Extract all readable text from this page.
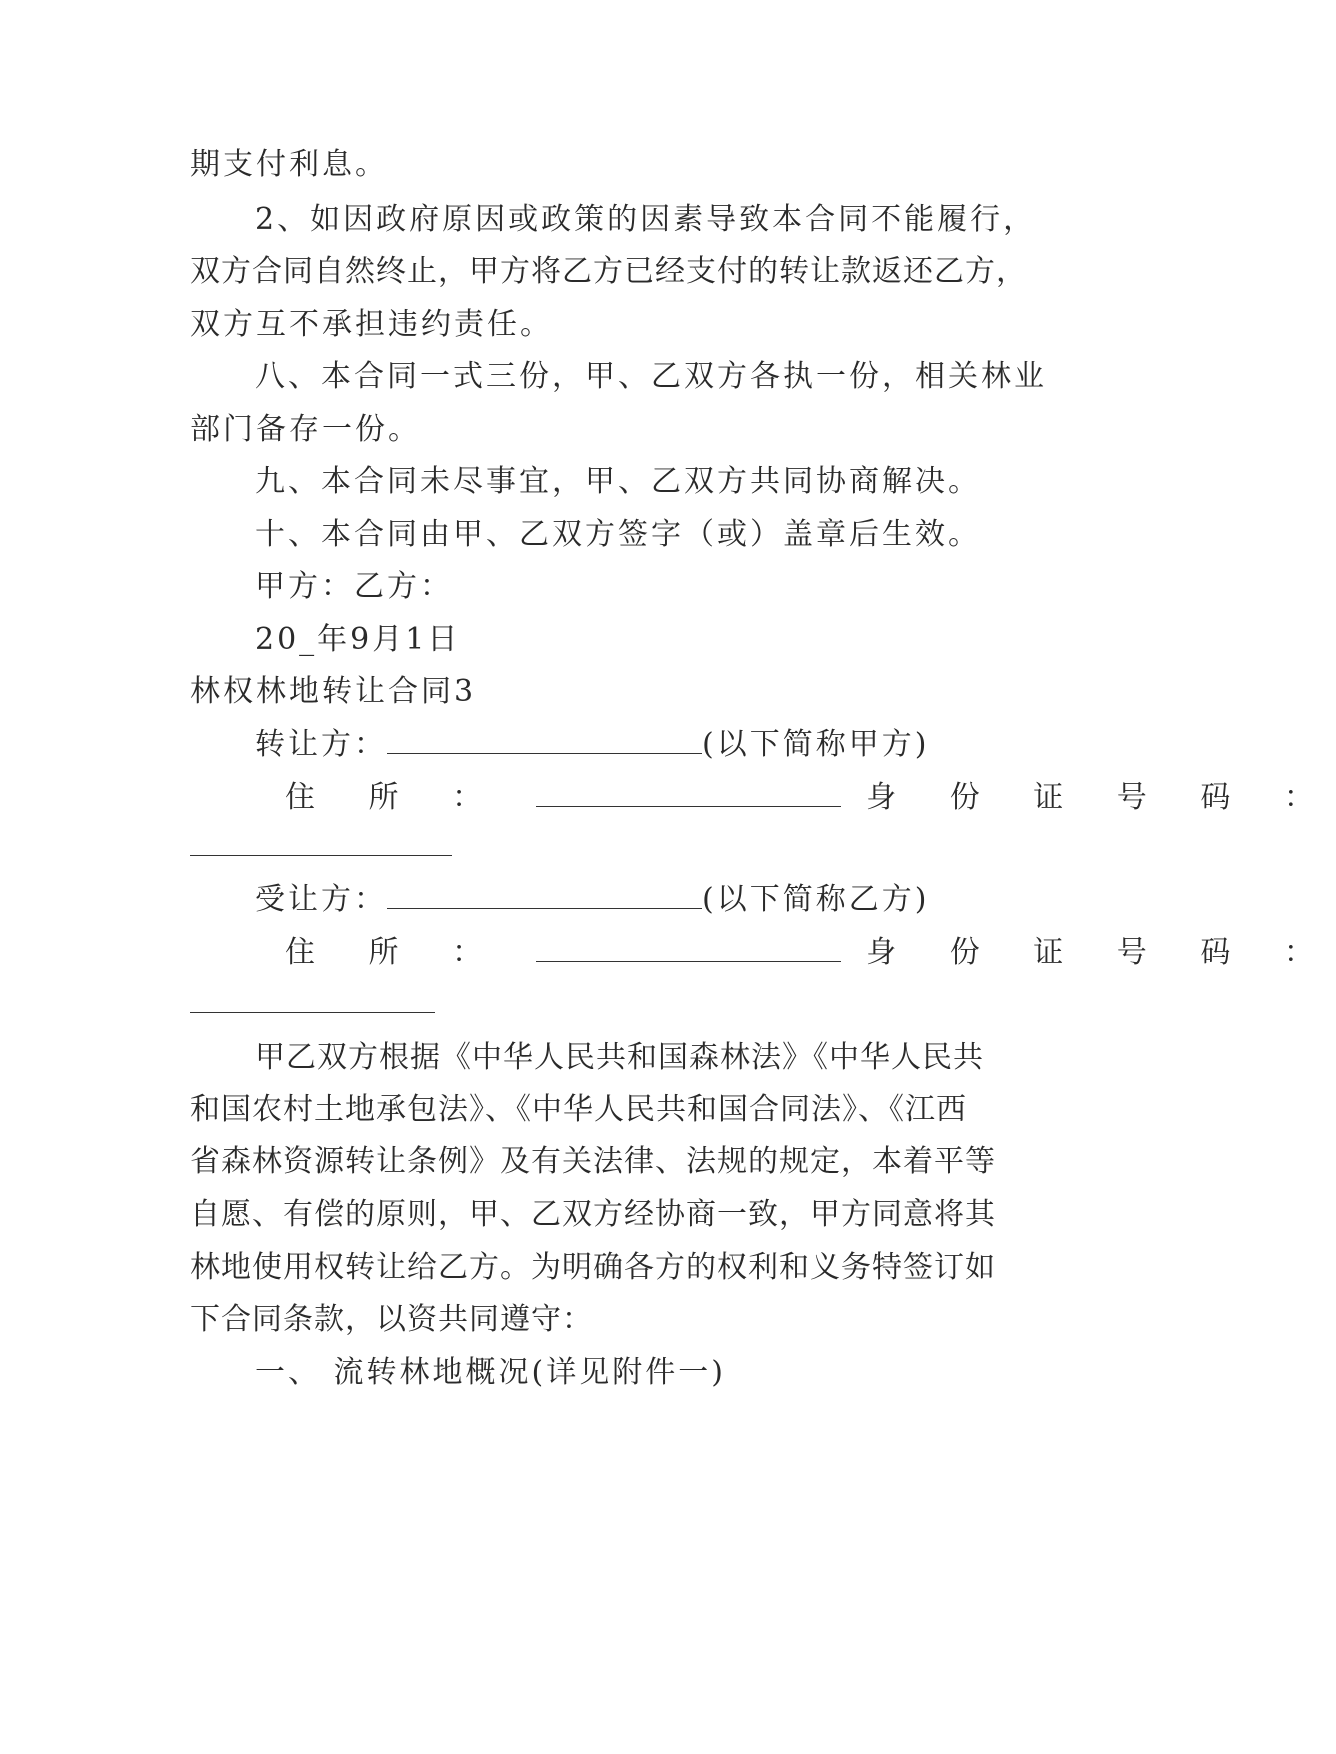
期支付利息。
2、如因政府原因或政策的因素导致本合同不能履行，
双方合同自然终止，甲方将乙方已经支付的转让款返还乙方，
双方互不承担违约责任。
八、本合同一式三份，甲、乙双方各执一份，相关林业
部门备存一份。
九、本合同未尽事宜，甲、乙双方共同协商解决。
十、本合同由甲、乙双方签字（或）盖章后生效。
甲方：乙方：
20_年9月1日
林权林地转让合同3
转让方：	(以下简称甲方)
住 所 ：	身 份 证 号 码 ：
受让方：	(以下简称乙方)
住 所 ：	身 份 证 号 码 ：
甲乙双方根据《中华人民共和国森林法》《中华人民共
和国农村土地承包法》、《中华人民共和国合同法》、《江西
省森林资源转让条例》及有关法律、法规的规定，本着平等
自愿、有偿的原则，甲、乙双方经协商一致，甲方同意将其
林地使用权转让给乙方。为明确各方的权利和义务特签订如
下合同条款，以资共同遵守：
一、 流转林地概况(详见附件一)
